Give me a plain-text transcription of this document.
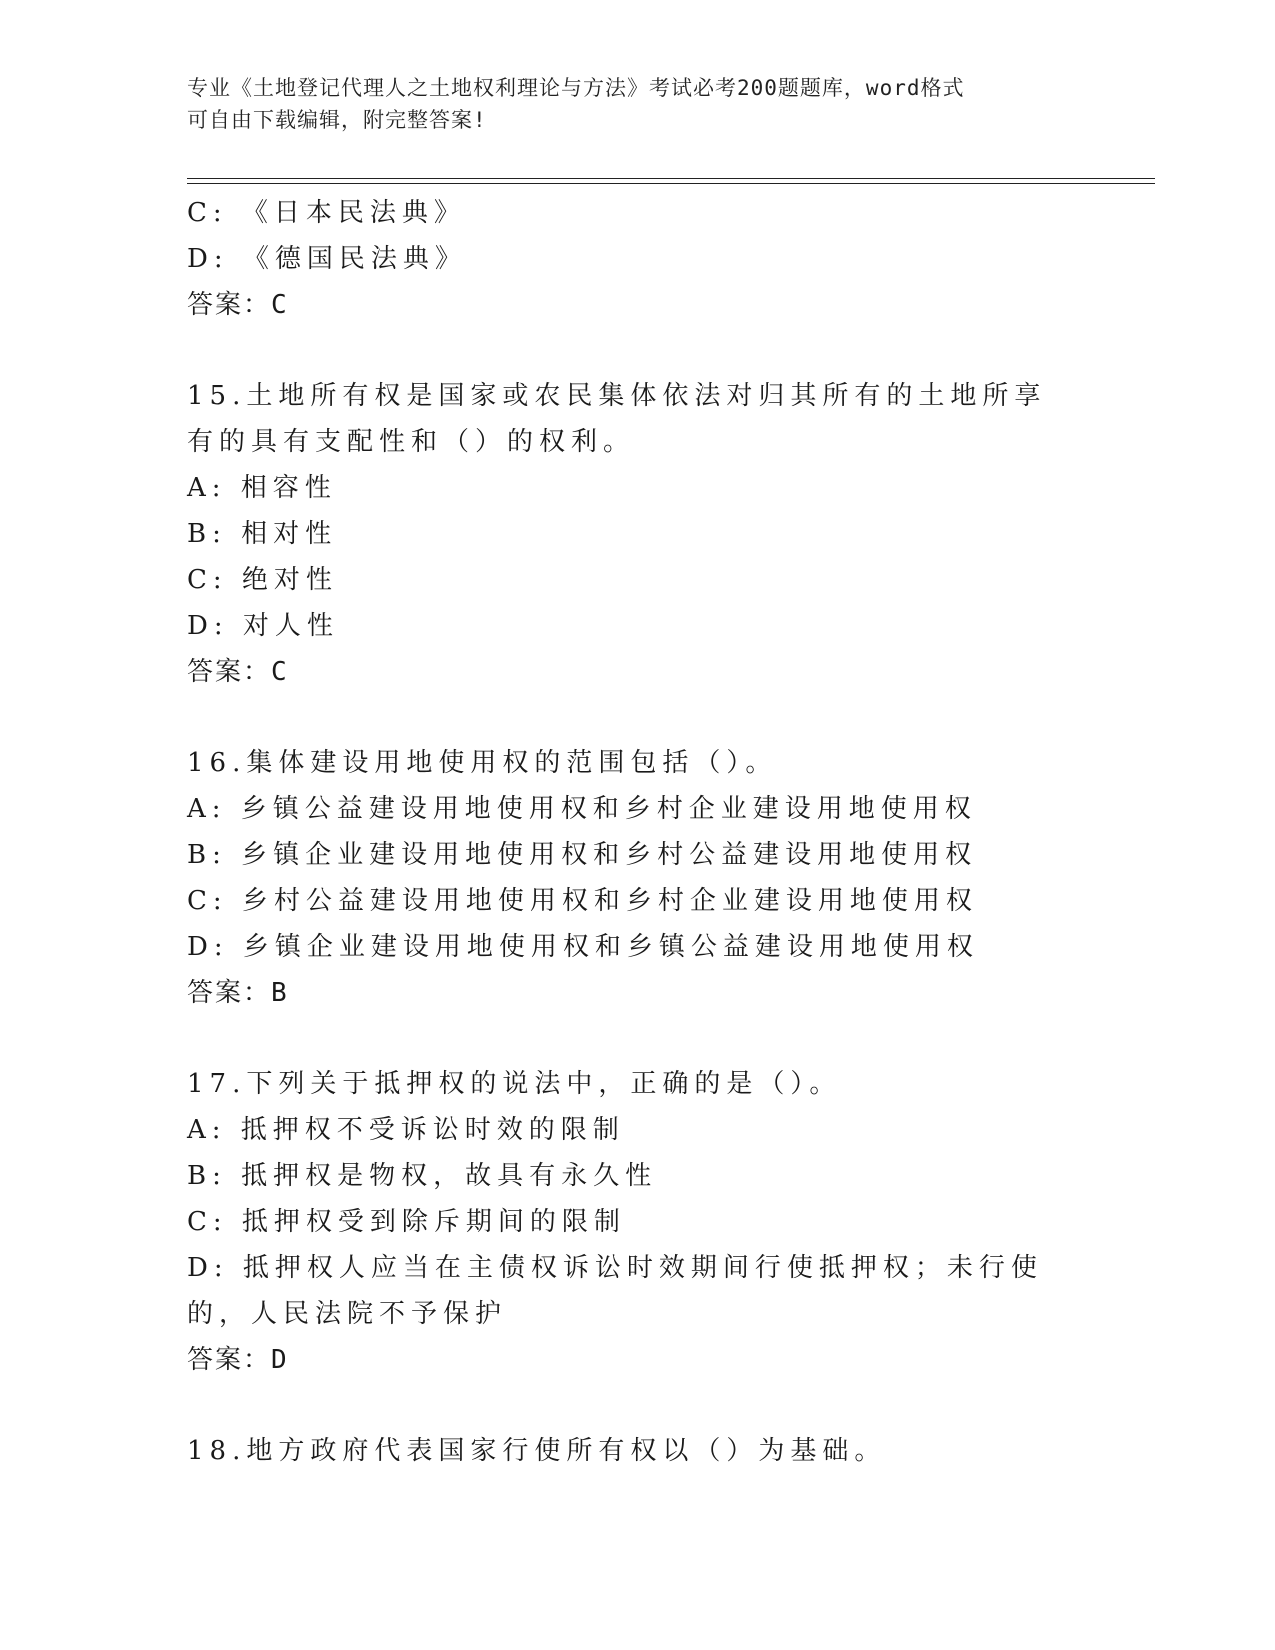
专业《土地登记代理人之土地权利理论与方法》考试必考200题题库，word格式
可自由下载编辑，附完整答案!
C: 《日本民法典》
D: 《德国民法典》
答案：C
15.土地所有权是国家或农民集体依法对归其所有的土地所享有的具有支配性和（）的权利。
A: 相容性
B: 相对性
C: 绝对性
D: 对人性
答案：C
16.集体建设用地使用权的范围包括（）。
A: 乡镇公益建设用地使用权和乡村企业建设用地使用权
B: 乡镇企业建设用地使用权和乡村公益建设用地使用权
C: 乡村公益建设用地使用权和乡村企业建设用地使用权
D: 乡镇企业建设用地使用权和乡镇公益建设用地使用权
答案：B
17.下列关于抵押权的说法中，正确的是（）。
A: 抵押权不受诉讼时效的限制
B: 抵押权是物权，故具有永久性
C: 抵押权受到除斥期间的限制
D: 抵押权人应当在主债权诉讼时效期间行使抵押权；未行使的，人民法院不予保护
答案：D
18.地方政府代表国家行使所有权以（）为基础。
